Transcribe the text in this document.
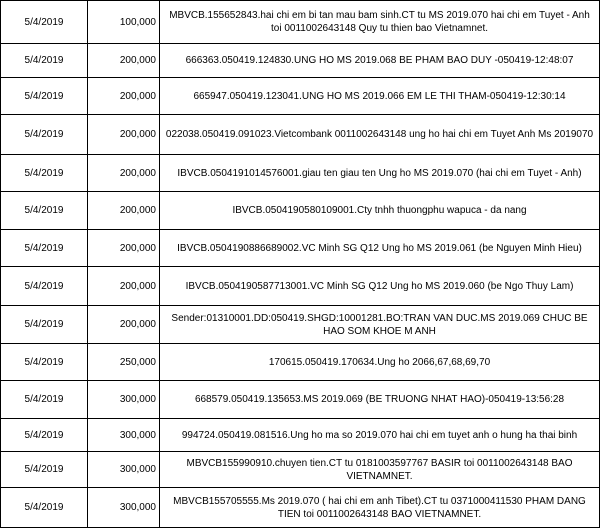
5/4/2019	100,000	MBVCB.155652843.hai chi em bi tan mau bam sinh.CT tu MS 2019.070 hai chi em Tuyet - Anh toi 0011002643148 Quy tu thien bao Vietnamnet.
5/4/2019	200,000	666363.050419.124830.UNG HO MS 2019.068 BE PHAM BAO DUY -050419-12:48:07
5/4/2019	200,000	665947.050419.123041.UNG HO MS 2019.066 EM LE THI THAM-050419-12:30:14
5/4/2019	200,000	022038.050419.091023.Vietcombank 0011002643148 ung ho hai chi em Tuyet Anh Ms 2019070
5/4/2019	200,000	IBVCB.0504191014576001.giau ten giau ten Ung ho MS 2019.070 (hai chi em Tuyet - Anh)
5/4/2019	200,000	IBVCB.0504190580109001.Cty tnhh thuongphu wapuca - da nang
5/4/2019	200,000	IBVCB.0504190886689002.VC Minh SG Q12 Ung ho MS 2019.061 (be Nguyen Minh Hieu)
5/4/2019	200,000	IBVCB.0504190587713001.VC Minh SG Q12 Ung ho MS 2019.060 (be Ngo Thuy Lam)
5/4/2019	200,000	Sender:01310001.DD:050419.SHGD:10001281.BO:TRAN VAN DUC.MS 2019.069 CHUC BE HAO SOM KHOE M ANH
5/4/2019	250,000	170615.050419.170634.Ung ho 2066,67,68,69,70
5/4/2019	300,000	668579.050419.135653.MS 2019.069 (BE TRUONG NHAT HAO)-050419-13:56:28
5/4/2019	300,000	994724.050419.081516.Ung ho ma so 2019.070 hai chi em tuyet anh o hung ha thai binh
5/4/2019	300,000	MBVCB155990910.chuyen tien.CT tu 0181003597767 BASIR toi 0011002643148 BAO VIETNAMNET.
5/4/2019	300,000	MBVCB155705555.Ms 2019.070 ( hai chi em anh Tibet).CT tu 0371000411530 PHAM DANG TIEN toi 0011002643148 BAO VIETNAMNET.
